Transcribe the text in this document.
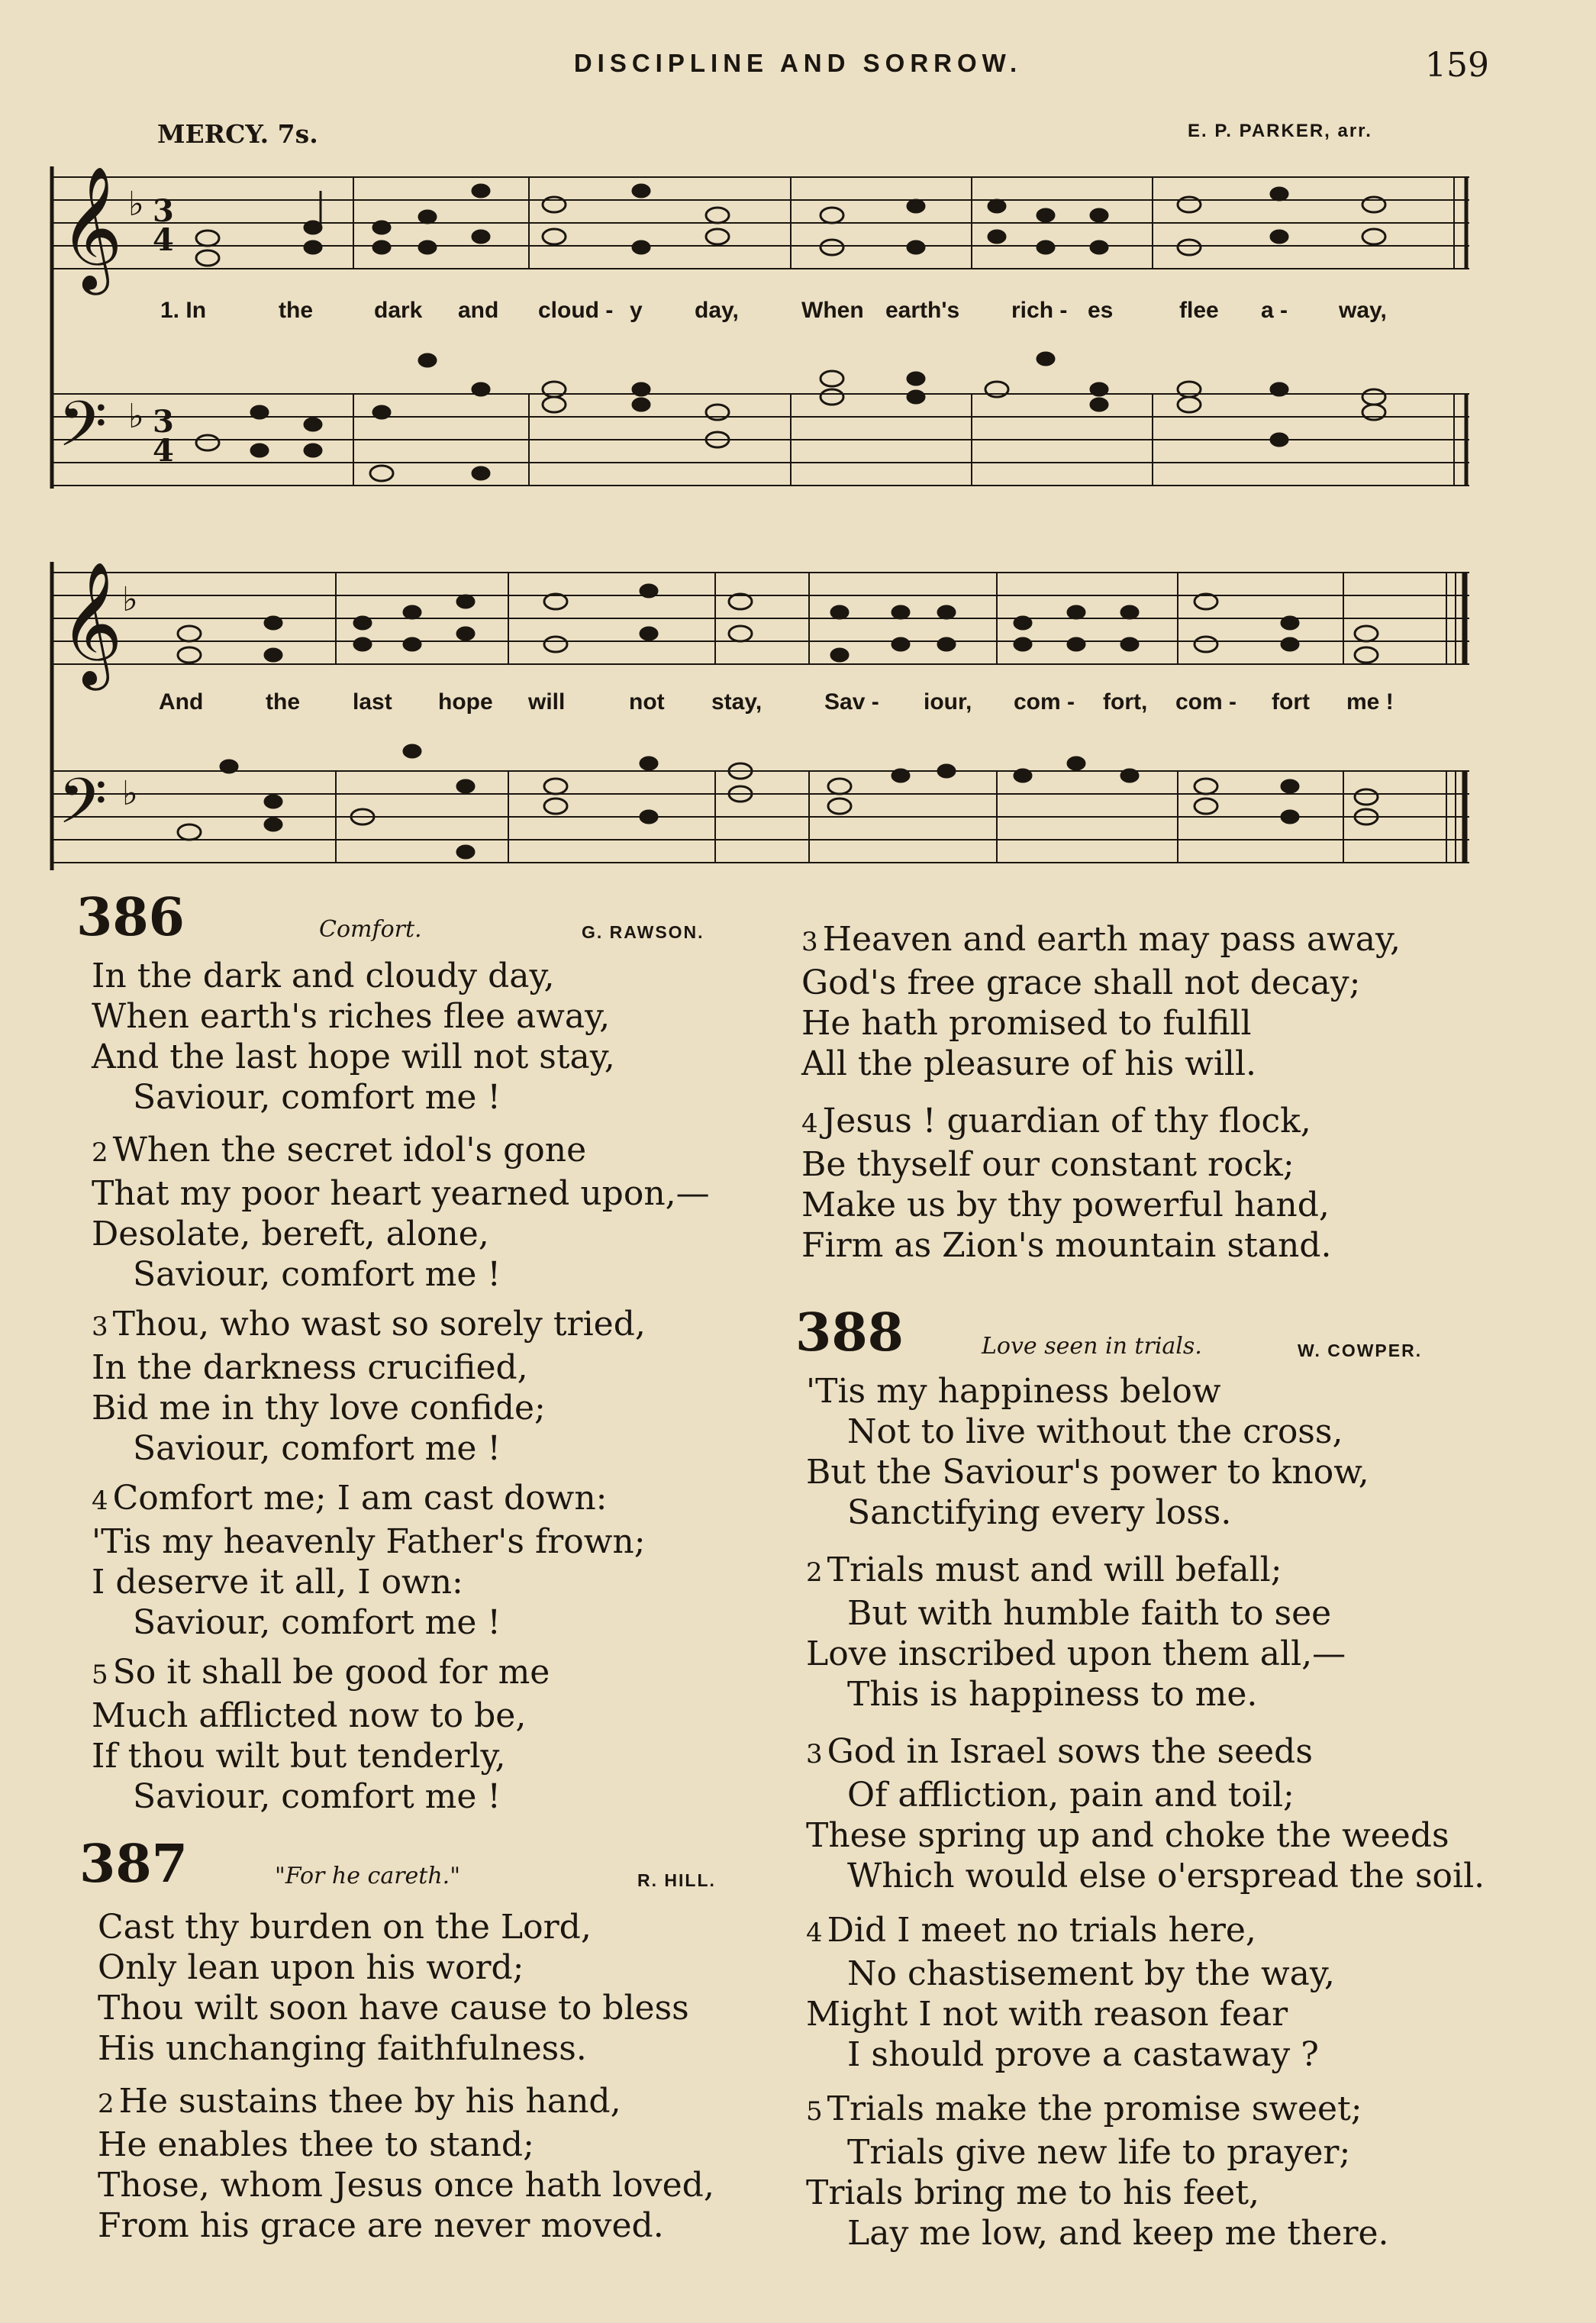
DISCIPLINE AND SORROW.	159
MERCY. 7s.	E. P. PARKER, arr.
𝄞
𝄢
♭
♭
3
4
3
4
𝄞
𝄢
♭
♭
1. In	the	dark and cloud - y day,	When earth's rich - es	flee a - way,
And	the last hope will	not stay,	Sav - iour, com - fort, com - fort me !
386	Comfort.	G. RAWSON.
In the dark and cloudy day,
When earth's riches flee away,
And the last hope will not stay,
Saviour, comfort me !
2 When the secret idol's gone
That my poor heart yearned upon,—
Desolate, bereft, alone,
Saviour, comfort me !
3 Thou, who wast so sorely tried,
In the darkness crucified,
Bid me in thy love confide;
Saviour, comfort me !
4 Comfort me; I am cast down:
'Tis my heavenly Father's frown;
I deserve it all, I own:
Saviour, comfort me !
5 So it shall be good for me
Much afflicted now to be,
If thou wilt but tenderly,
Saviour, comfort me !
387	"For he careth."	R. HILL.
Cast thy burden on the Lord,
Only lean upon his word;
Thou wilt soon have cause to bless
His unchanging faithfulness.
2 He sustains thee by his hand,
He enables thee to stand;
Those, whom Jesus once hath loved,
From his grace are never moved.
3 Heaven and earth may pass away,
God's free grace shall not decay;
He hath promised to fulfill
All the pleasure of his will.
4 Jesus ! guardian of thy flock,
Be thyself our constant rock;
Make us by thy powerful hand,
Firm as Zion's mountain stand.
388	Love seen in trials.	W. COWPER.
'Tis my happiness below
Not to live without the cross,
But the Saviour's power to know,
Sanctifying every loss.
2 Trials must and will befall;
But with humble faith to see
Love inscribed upon them all,—
This is happiness to me.
3 God in Israel sows the seeds
Of affliction, pain and toil;
These spring up and choke the weeds
Which would else o'erspread the soil.
4 Did I meet no trials here,
No chastisement by the way,
Might I not with reason fear
I should prove a castaway ?
5 Trials make the promise sweet;
Trials give new life to prayer;
Trials bring me to his feet,
Lay me low, and keep me there.
